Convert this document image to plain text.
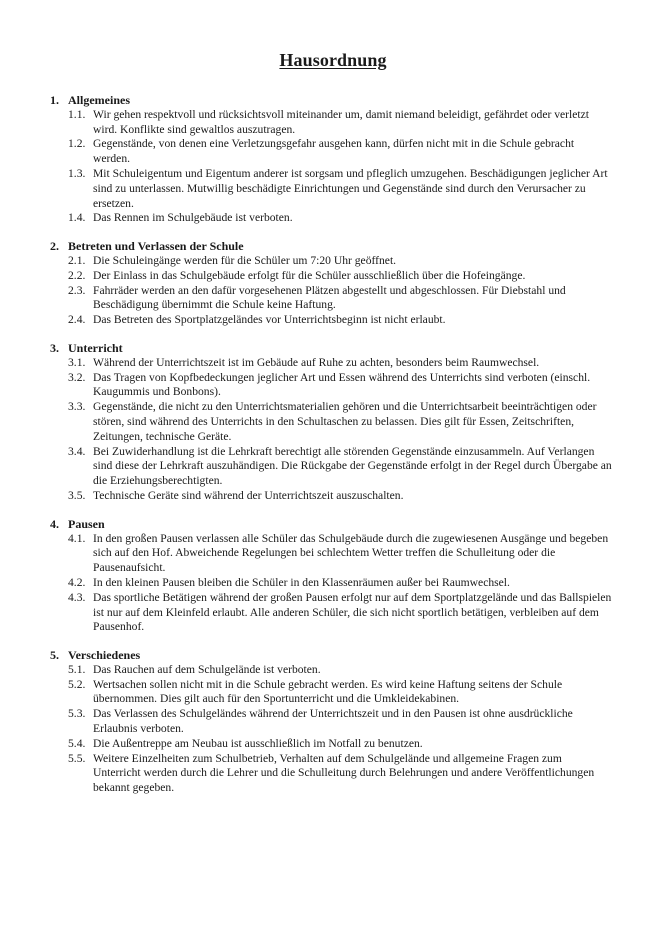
Hausordnung
1. Allgemeines
1.1. Wir gehen respektvoll und rücksichtsvoll miteinander um, damit niemand beleidigt, gefährdet oder verletzt wird. Konflikte sind gewaltlos auszutragen.
1.2. Gegenstände, von denen eine Verletzungsgefahr ausgehen kann, dürfen nicht mit in die Schule gebracht werden.
1.3. Mit Schuleigentum und Eigentum anderer ist sorgsam und pfleglich umzugehen. Beschädigungen jeglicher Art sind zu unterlassen. Mutwillig beschädigte Einrichtungen und Gegenstände sind durch den Verursacher zu ersetzen.
1.4. Das Rennen im Schulgebäude ist verboten.
2. Betreten und Verlassen der Schule
2.1. Die Schuleingänge werden für die Schüler um 7:20 Uhr geöffnet.
2.2. Der Einlass in das Schulgebäude erfolgt für die Schüler ausschließlich über die Hofeingänge.
2.3. Fahrräder werden an den dafür vorgesehenen Plätzen abgestellt und abgeschlossen. Für Diebstahl und Beschädigung übernimmt die Schule keine Haftung.
2.4. Das Betreten des Sportplatzgeländes vor Unterrichtsbeginn ist nicht erlaubt.
3. Unterricht
3.1. Während der Unterrichtszeit ist im Gebäude auf Ruhe zu achten, besonders beim Raumwechsel.
3.2. Das Tragen von Kopfbedeckungen jeglicher Art und Essen während des Unterrichts sind verboten (einschl. Kaugummis und Bonbons).
3.3. Gegenstände, die nicht zu den Unterrichtsmaterialien gehören und die Unterrichtsarbeit beeinträchtigen oder stören, sind während des Unterrichts in den Schultaschen zu belassen. Dies gilt für Essen, Zeitschriften, Zeitungen, technische Geräte.
3.4. Bei Zuwiderhandlung ist die Lehrkraft berechtigt alle störenden Gegenstände einzusammeln. Auf Verlangen sind diese der Lehrkraft auszuhändigen. Die Rückgabe der Gegenstände erfolgt in der Regel durch Übergabe an die Erziehungsberechtigten.
3.5. Technische Geräte sind während der Unterrichtszeit auszuschalten.
4. Pausen
4.1. In den großen Pausen verlassen alle Schüler das Schulgebäude durch die zugewiesenen Ausgänge und begeben sich auf den Hof. Abweichende Regelungen bei schlechtem Wetter treffen die Schulleitung oder die Pausenaufsicht.
4.2. In den kleinen Pausen bleiben die Schüler in den Klassenräumen außer bei Raumwechsel.
4.3. Das sportliche Betätigen während der großen Pausen erfolgt nur auf dem Sportplatzgelände und das Ballspielen ist nur auf dem Kleinfeld erlaubt. Alle anderen Schüler, die sich nicht sportlich betätigen, verbleiben auf dem Pausenhof.
5. Verschiedenes
5.1. Das Rauchen auf dem Schulgelände ist verboten.
5.2. Wertsachen sollen nicht mit in die Schule gebracht werden. Es wird keine Haftung seitens der Schule übernommen. Dies gilt auch für den Sportunterricht und die Umkleidekabinen.
5.3. Das Verlassen des Schulgeländes während der Unterrichtszeit und in den Pausen ist ohne ausdrückliche Erlaubnis verboten.
5.4. Die Außentreppe am Neubau ist ausschließlich im Notfall zu benutzen.
5.5. Weitere Einzelheiten zum Schulbetrieb, Verhalten auf dem Schulgelände und allgemeine Fragen zum Unterricht werden durch die Lehrer und die Schulleitung durch Belehrungen und andere Veröffentlichungen bekannt gegeben.
